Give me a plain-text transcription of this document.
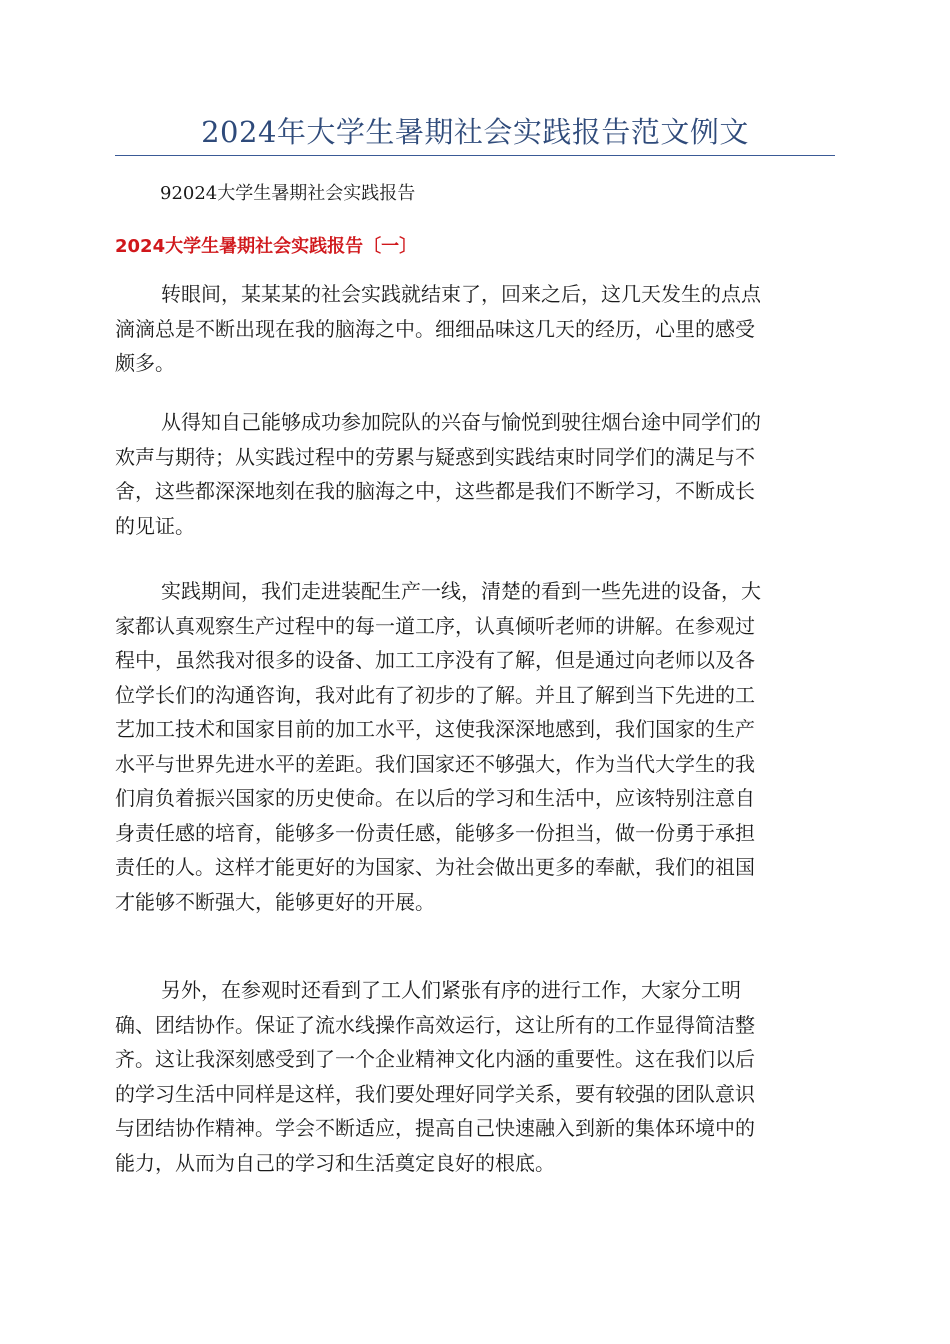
2024年大学生暑期社会实践报告范文例文
92024大学生暑期社会实践报告
2024大学生暑期社会实践报告〔一〕
转眼间，某某某的社会实践就结束了，回来之后，这几天发生的点点
滴滴总是不断出现在我的脑海之中。细细品味这几天的经历，心里的感受
颇多。
从得知自己能够成功参加院队的兴奋与愉悦到驶往烟台途中同学们的
欢声与期待；从实践过程中的劳累与疑惑到实践结束时同学们的满足与不
舍，这些都深深地刻在我的脑海之中，这些都是我们不断学习，不断成长
的见证。
实践期间，我们走进装配生产一线，清楚的看到一些先进的设备，大
家都认真观察生产过程中的每一道工序，认真倾听老师的讲解。在参观过
程中，虽然我对很多的设备、加工工序没有了解，但是通过向老师以及各
位学长们的沟通咨询，我对此有了初步的了解。并且了解到当下先进的工
艺加工技术和国家目前的加工水平，这使我深深地感到，我们国家的生产
水平与世界先进水平的差距。我们国家还不够强大，作为当代大学生的我
们肩负着振兴国家的历史使命。在以后的学习和生活中，应该特别注意自
身责任感的培育，能够多一份责任感，能够多一份担当，做一份勇于承担
责任的人。这样才能更好的为国家、为社会做出更多的奉献，我们的祖国
才能够不断强大，能够更好的开展。
另外，在参观时还看到了工人们紧张有序的进行工作，大家分工明
确、团结协作。保证了流水线操作高效运行，这让所有的工作显得简洁整
齐。这让我深刻感受到了一个企业精神文化内涵的重要性。这在我们以后
的学习生活中同样是这样，我们要处理好同学关系，要有较强的团队意识
与团结协作精神。学会不断适应，提高自己快速融入到新的集体环境中的
能力，从而为自己的学习和生活奠定良好的根底。
